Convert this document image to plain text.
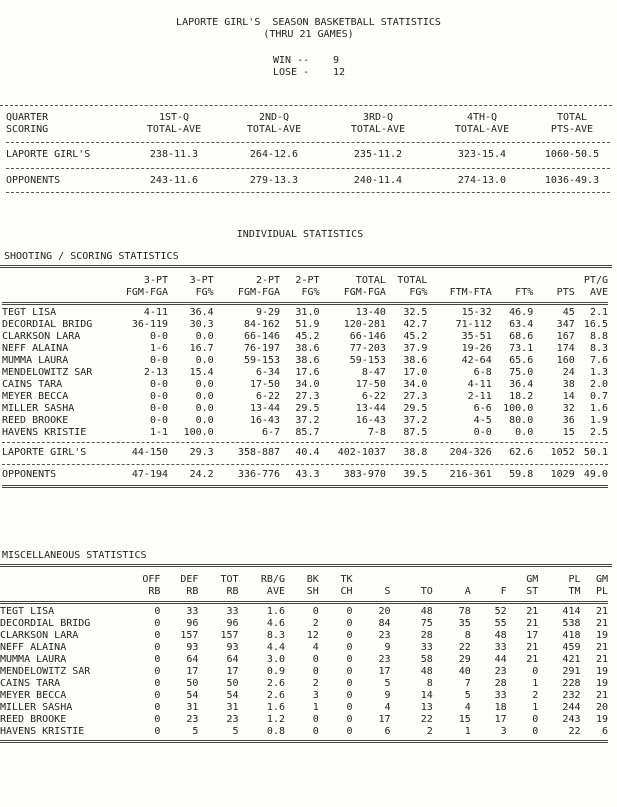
LAPORTE GIRL'S  SEASON BASKETBALL STATISTICS
(THRU 21 GAMES)
WIN -- 9
LOSE - 12
QUARTER	1ST-Q	2ND-Q	3RD-Q	4TH-Q	TOTAL
SCORING	TOTAL-AVE	TOTAL-AVE	TOTAL-AVE	TOTAL-AVE	PTS-AVE

LAPORTE GIRL'S	238-11.3	264-12.6	235-11.2	323-15.4	1060-50.5

OPPONENTS	243-11.6	279-13.3	240-11.4	274-13.0	1036-49.3

INDIVIDUAL STATISTICS
SHOOTING / SCORING STATISTICS
	3-PT	3-PT	2-PT	2-PT	TOTAL	TOTAL				PT/G
	FGM-FGA	FG%	FGM-FGA	FG%	FGM-FGA	FG%	FTM-FTA	FT%	PTS	AVE

TEGT LISA	4-11	36.4	9-29	31.0	13-40	32.5	15-32	46.9	45	2.1
DECORDIAL BRIDG	36-119	30.3	84-162	51.9	120-281	42.7	71-112	63.4	347	16.5
CLARKSON LARA	0-0	0.0	66-146	45.2	66-146	45.2	35-51	68.6	167	8.8
NEFF ALAINA	1-6	16.7	76-197	38.6	77-203	37.9	19-26	73.1	174	8.3
MUMMA LAURA	0-0	0.0	59-153	38.6	59-153	38.6	42-64	65.6	160	7.6
MENDELOWITZ SAR	2-13	15.4	6-34	17.6	8-47	17.0	6-8	75.0	24	1.3
CAINS TARA	0-0	0.0	17-50	34.0	17-50	34.0	4-11	36.4	38	2.0
MEYER BECCA	0-0	0.0	6-22	27.3	6-22	27.3	2-11	18.2	14	0.7
MILLER SASHA	0-0	0.0	13-44	29.5	13-44	29.5	6-6	100.0	32	1.6
REED BROOKE	0-0	0.0	16-43	37.2	16-43	37.2	4-5	80.0	36	1.9
HAVENS KRISTIE	1-1	100.0	6-7	85.7	7-8	87.5	0-0	0.0	15	2.5

LAPORTE GIRL'S	44-150	29.3	358-887	40.4	402-1037	38.8	204-326	62.6	1052	50.1

OPPONENTS	47-194	24.2	336-776	43.3	383-970	39.5	216-361	59.8	1029	49.0

MISCELLANEOUS STATISTICS
	OFF	DEF	TOT	RB/G	BK	TK					GM	PL	GM
	RB	RB	RB	AVE	SH	CH	S	TO	A	F	ST	TM	PL

TEGT LISA	0	33	33	1.6	0	0	20	48	78	52	21	414	21
DECORDIAL BRIDG	0	96	96	4.6	2	0	84	75	35	55	21	538	21
CLARKSON LARA	0	157	157	8.3	12	0	23	28	8	48	17	418	19
NEFF ALAINA	0	93	93	4.4	4	0	9	33	22	33	21	459	21
MUMMA LAURA	0	64	64	3.0	0	0	23	58	29	44	21	421	21
MENDELOWITZ SAR	0	17	17	0.9	0	0	17	48	40	23	0	291	19
CAINS TARA	0	50	50	2.6	2	0	5	8	7	28	1	228	19
MEYER BECCA	0	54	54	2.6	3	0	9	14	5	33	2	232	21
MILLER SASHA	0	31	31	1.6	1	0	4	13	4	18	1	244	20
REED BROOKE	0	23	23	1.2	0	0	17	22	15	17	0	243	19
HAVENS KRISTIE	0	5	5	0.8	0	0	6	2	1	3	0	22	6
